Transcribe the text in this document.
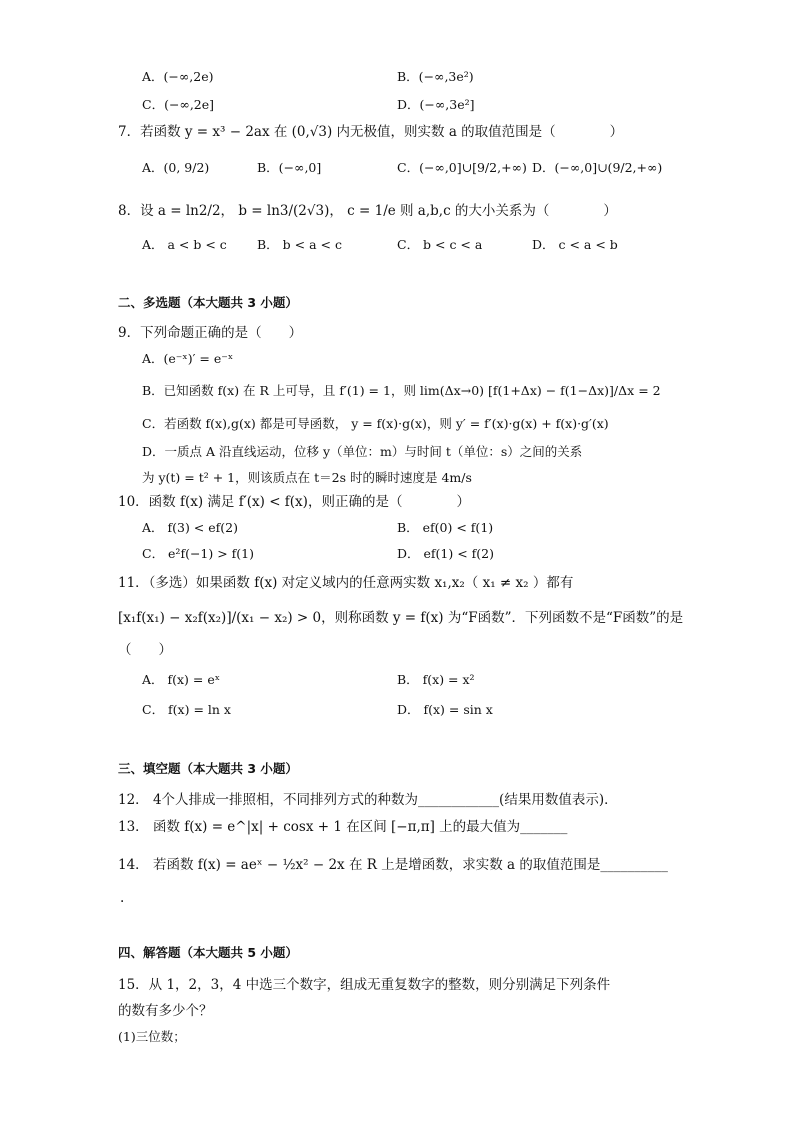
A．(−∞,2e)	B．(−∞,3e²)
C．(−∞,2e]	D．(−∞,3e²]
7．若函数 y = x³ − 2ax 在 (0,√3) 内无极值，则实数 a 的取值范围是（　　　　）
A．(0, 9/2)	B．(−∞,0]	C．(−∞,0]∪[9/2,+∞) D．(−∞,0]∪(9/2,+∞)
8．设 a = ln2/2， b = ln3/(2√3)， c = 1/e 则 a,b,c 的大小关系为（　　　　）
A． a < b < c B． b < a < c	C． b < c < a	D． c < a < b
二、多选题（本大题共 3 小题）
9．下列命题正确的是（　　）
A．(e⁻ˣ)′ = e⁻ˣ
B．已知函数 f(x) 在 R 上可导，且 f′(1) = 1，则 lim(Δx→0) [f(1+Δx) − f(1−Δx)]/Δx = 2
C．若函数 f(x),g(x) 都是可导函数， y = f(x)·g(x)，则 y′ = f′(x)·g(x) + f(x)·g′(x)
D．一质点 A 沿直线运动，位移 y（单位：m）与时间 t（单位：s）之间的关系
为 y(t) = t² + 1，则该质点在 t＝2s 时的瞬时速度是 4m/s
10．函数 f(x) 满足 f′(x) < f(x)，则正确的是（　　　　）
A． f(3) < ef(2)	B． ef(0) < f(1)
C． e²f(−1) > f(1)	D． ef(1) < f(2)
11．（多选）如果函数 f(x) 对定义域内的任意两实数 x₁,x₂（ x₁ ≠ x₂ ）都有
[x₁f(x₁) − x₂f(x₂)]/(x₁ − x₂) > 0，则称函数 y = f(x) 为“F函数”．下列函数不是“F函数”的是
（　　）
A． f(x) = eˣ	B． f(x) = x²
C． f(x) = ln x	D． f(x) = sin x
三、填空题（本大题共 3 小题）
12． 4个人排成一排照相，不同排列方式的种数为____________(结果用数值表示)．
13． 函数 f(x) = e^|x| + cosx + 1 在区间 [−π,π] 上的最大值为_______
14． 若函数 f(x) = aeˣ − ½x² − 2x 在 R 上是增函数，求实数 a 的取值范围是__________
.
四、解答题（本大题共 5 小题）
15．从 1，2，3，4 中选三个数字，组成无重复数字的整数，则分别满足下列条件
的数有多少个？
(1)三位数；
